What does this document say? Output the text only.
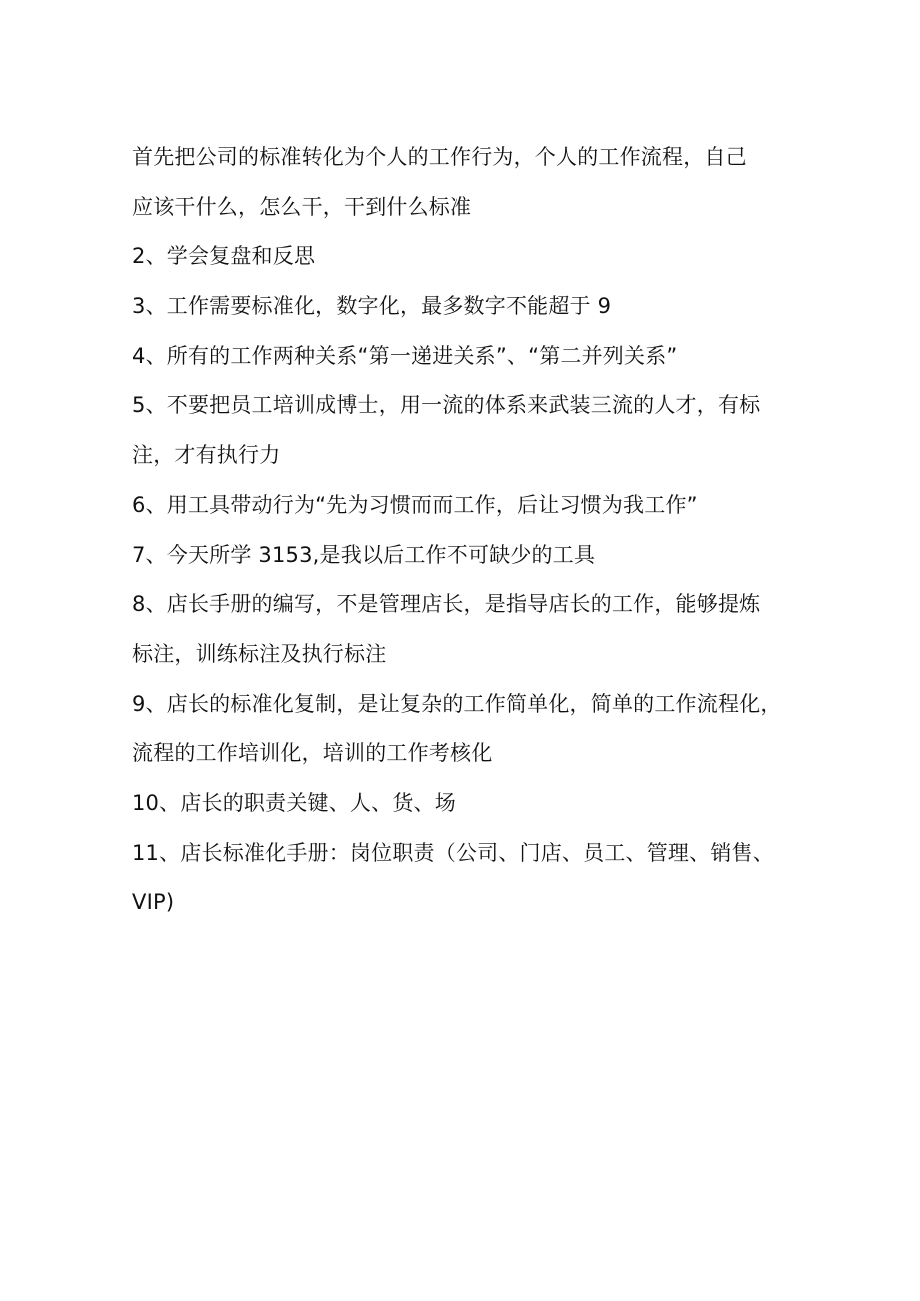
首先把公司的标准转化为个人的工作行为，个人的工作流程，自己
应该干什么，怎么干，干到什么标准
2、学会复盘和反思
3、工作需要标准化，数字化，最多数字不能超于 9
4、所有的工作两种关系“第一递进关系”、“第二并列关系”
5、不要把员工培训成博士，用一流的体系来武装三流的人才，有标
注，才有执行力
6、用工具带动行为“先为习惯而而工作，后让习惯为我工作”
7、今天所学 3153,是我以后工作不可缺少的工具
8、店长手册的编写，不是管理店长，是指导店长的工作，能够提炼
标注，训练标注及执行标注
9、店长的标准化复制，是让复杂的工作简单化，简单的工作流程化，
流程的工作培训化，培训的工作考核化
10、店长的职责关键、人、货、场
11、店长标准化手册：岗位职责（公司、门店、员工、管理、销售、
VIP)
